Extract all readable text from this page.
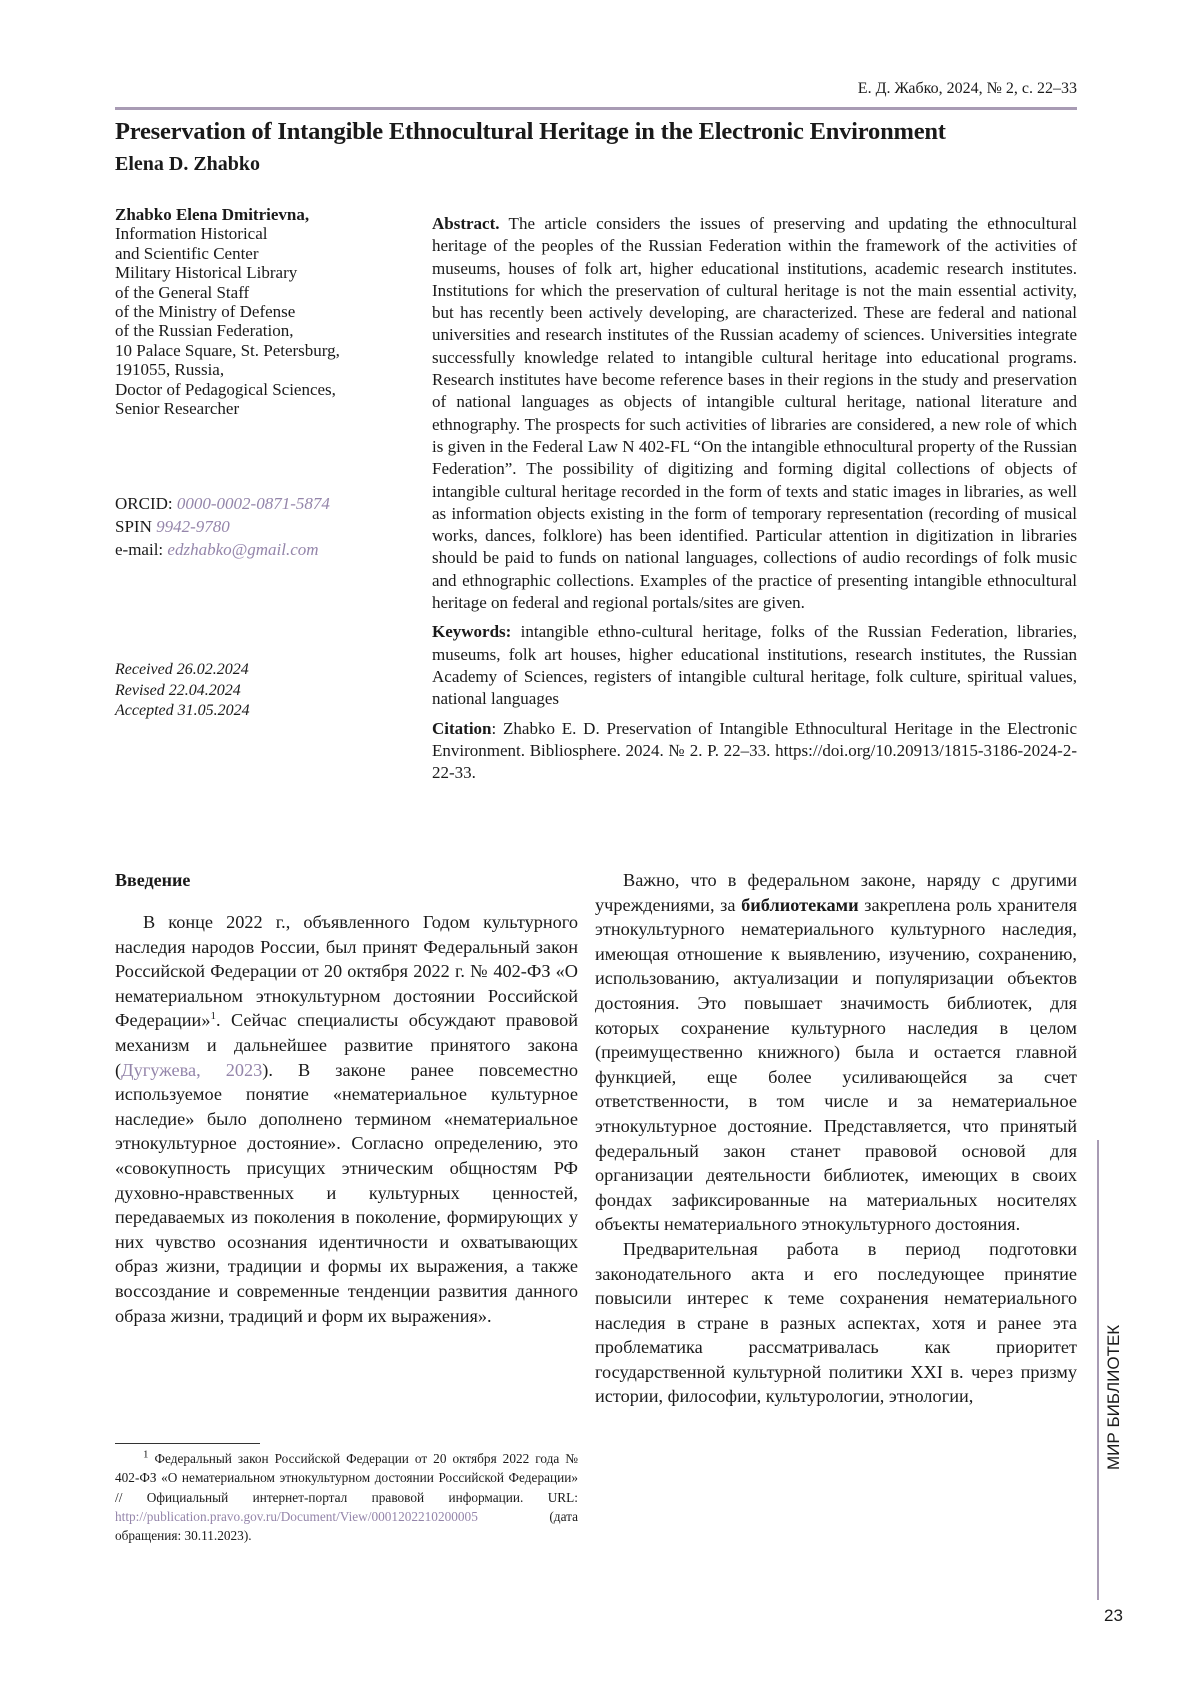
Е. Д. Жабко, 2024, № 2, с. 22–33
Preservation of Intangible Ethnocultural Heritage in the Electronic Environment
Elena D. Zhabko
Zhabko Elena Dmitrievna,
Information Historical
and Scientific Center
Military Historical Library
of the General Staff
of the Ministry of Defense
of the Russian Federation,
10 Palace Square, St. Petersburg,
191055, Russia,
Doctor of Pedagogical Sciences,
Senior Researcher
ORCID: 0000-0002-0871-5874
SPIN 9942-9780
e-mail: edzhabko@gmail.com
Received 26.02.2024
Revised 22.04.2024
Accepted 31.05.2024

Abstract. The article considers the issues of preserving and updating the ethnocultural heritage of the peoples of the Russian Federation within the framework of the activities of museums, houses of folk art, higher educational institutions, academic research institutes. Institutions for which the preservation of cultural heritage is not the main essential activity, but has recently been actively developing, are characterized. These are federal and national universities and research institutes of the Russian academy of sciences. Universities integrate successfully knowledge related to intangible cultural heritage into educational programs. Research institutes have become reference bases in their regions in the study and preservation of national languages as objects of intangible cultural heritage, national literature and ethnography. The prospects for such activities of libraries are considered, a new role of which is given in the Federal Law N 402-FL “On the intangible ethnocultural property of the Russian Federation”. The possibility of digitizing and forming digital collections of objects of intangible cultural heritage recorded in the form of texts and static images in libraries, as well as information objects existing in the form of temporary representation (recording of musical works, dances, folklore) has been identified. Particular attention in digitization in libraries should be paid to funds on national languages, collections of audio recordings of folk music and ethnographic collections. Examples of the practice of presenting intangible ethnocultural heritage on federal and regional portals/sites are given.

Keywords: intangible ethno-cultural heritage, folks of the Russian Federation, libraries, museums, folk art houses, higher educational institutions, research institutes, the Russian Academy of Sciences, registers of intangible cultural heritage, folk culture, spiritual values, national languages

Citation: Zhabko E. D. Preservation of Intangible Ethnocultural Heritage in the Electronic Environment. Bibliosphere. 2024. № 2. P. 22–33. https://doi.org/10.20913/1815-3186-2024-2-22-33.

Введение

В конце 2022 г., объявленного Годом культурного наследия народов России, был принят Федеральный закон Российской Федерации от 20 октября 2022 г. № 402-ФЗ «О нематериальном этнокультурном достоянии Российской Федерации»1. Сейчас специалисты обсуждают правовой механизм и дальнейшее развитие принятого закона (Дугужева, 2023). В законе ранее повсеместно используемое понятие «нематериальное культурное наследие» было дополнено термином «нематериальное этнокультурное достояние». Согласно определению, это «совокупность присущих этническим общностям РФ духовно-нравственных и культурных ценностей, передаваемых из поколения в поколение, формирующих у них чувство осознания идентичности и охватывающих образ жизни, традиции и формы их выражения, а также воссоздание и современные тенденции развития данного образа жизни, традиций и форм их выражения».

Важно, что в федеральном законе, наряду с другими учреждениями, за библиотеками закреплена роль хранителя этнокультурного нематериального культурного наследия, имеющая отношение к выявлению, изучению, сохранению, использованию, актуализации и популяризации объектов достояния. Это повышает значимость библиотек, для которых сохранение культурного наследия в целом (преимущественно книжного) была и остается главной функцией, еще более усиливающейся за счет ответственности, в том числе и за нематериальное этнокультурное достояние. Представляется, что принятый федеральный закон станет правовой основой для организации деятельности библиотек, имеющих в своих фондах зафиксированные на материальных носителях объекты нематериального этнокультурного достояния.

Предварительная работа в период подготовки законодательного акта и его последующее принятие повысили интерес к теме сохранения нематериального наследия в стране в разных аспектах, хотя и ранее эта проблематика рассматривалась как приоритет государственной культурной политики XXI в. через призму истории, философии, культурологии, этнологии,

1 Федеральный закон Российской Федерации от 20 октября 2022 года № 402-ФЗ «О нематериальном этнокультурном достоянии Российской Федерации» // Официальный интернет-портал правовой информации. URL: http://publication.pravo.gov.ru/Document/View/0001202210200005 (дата обращения: 30.11.2023).
МИР БИБЛИОТЕК
23
